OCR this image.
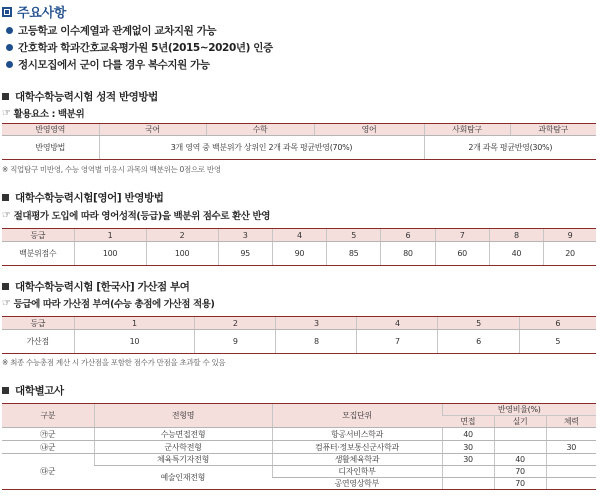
주요사항
고등학교 이수계열과 관계없이 교차지원 가능
간호학과 학과간호교육평가원 5년(2015~2020년) 인증
정시모집에서 군이 다를 경우 복수지원 가능
대학수학능력시험 성적 반영방법
☞ 활용요소 : 백분위
반영영역	국어	수학	영어	사회탐구	과학탐구
반영방법	3개 영역 중 백분위가 상위인 2개 과목 평균반영(70%)			2개 과목 평균반영(30%)	
※ 직업탐구 미반영, 수능 영역별 미응시 과목의 백분위는 0점으로 반영
대학수학능력시험[영어] 반영방법
☞ 절대평가 도입에 따라 영어성적(등급)을 백분위 점수로 환산 반영
등급	1	2	3	4	5	6	7	8	9
백분위점수	100	100	95	90	85	80	60	40	20
대학수학능력시험 [한국사] 가산점 부여
☞ 등급에 따라 가산점 부여(수능 총점에 가산점 적용)
등급	1	2	3	4	5	6
가산점	10	9	8	7	6	5
※ 최종 수능총점 계산 시 가산점을 포함한 점수가 만점을 초과할 수 있음
대학별고사
구분	전형명	모집단위	반영비율(%)		
			면접	실기	체력
㉮군	수능면접전형	항공서비스학과	40		
㉯군	군사학전형	컴퓨터·정보통신군사학과	30		30
㉰군	체육특기자전형	생활체육학과	30	40	
	예술인재전형	디자인학부		70	
		공연영상학부		70	
